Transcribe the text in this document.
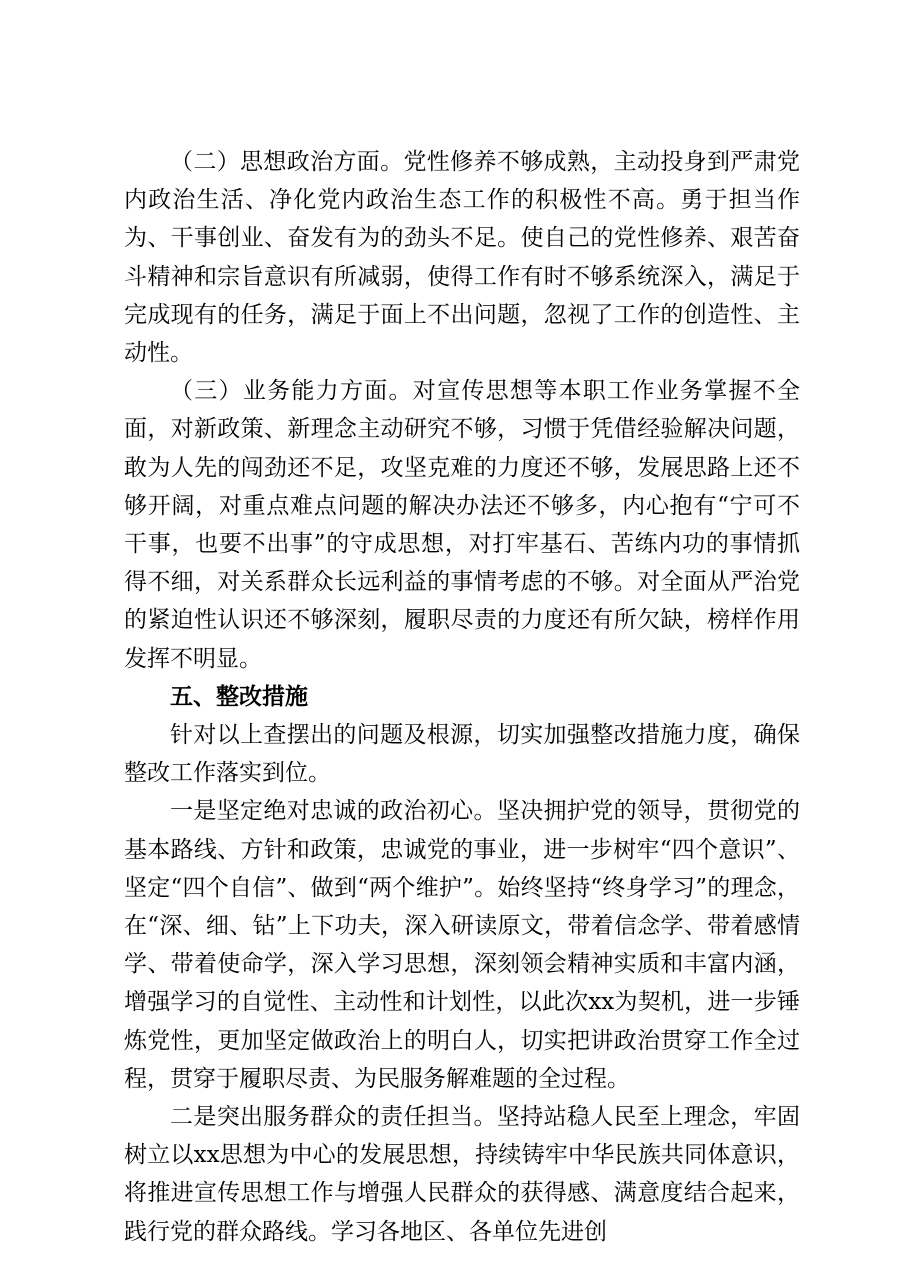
（二）思想政治方面。党性修养不够成熟，主动投身到严肃党内政治生活、净化党内政治生态工作的积极性不高。勇于担当作为、干事创业、奋发有为的劲头不足。使自己的党性修养、艰苦奋斗精神和宗旨意识有所减弱，使得工作有时不够系统深入，满足于完成现有的任务，满足于面上不出问题，忽视了工作的创造性、主动性。

（三）业务能力方面。对宣传思想等本职工作业务掌握不全面，对新政策、新理念主动研究不够，习惯于凭借经验解决问题，敢为人先的闯劲还不足，攻坚克难的力度还不够，发展思路上还不够开阔，对重点难点问题的解决办法还不够多，内心抱有“宁可不干事，也要不出事”的守成思想，对打牢基石、苦练内功的事情抓得不细，对关系群众长远利益的事情考虑的不够。对全面从严治党的紧迫性认识还不够深刻，履职尽责的力度还有所欠缺，榜样作用发挥不明显。

五、整改措施

针对以上查摆出的问题及根源，切实加强整改措施力度，确保整改工作落实到位。

一是坚定绝对忠诚的政治初心。坚决拥护党的领导，贯彻党的基本路线、方针和政策，忠诚党的事业，进一步树牢“四个意识”、坚定“四个自信”、做到“两个维护”。始终坚持“终身学习”的理念，在“深、细、钻”上下功夫，深入研读原文，带着信念学、带着感情学、带着使命学，深入学习思想，深刻领会精神实质和丰富内涵，增强学习的自觉性、主动性和计划性，以此次xx为契机，进一步锤炼党性，更加坚定做政治上的明白人，切实把讲政治贯穿工作全过程，贯穿于履职尽责、为民服务解难题的全过程。

二是突出服务群众的责任担当。坚持站稳人民至上理念，牢固树立以xx思想为中心的发展思想，持续铸牢中华民族共同体意识，将推进宣传思想工作与增强人民群众的获得感、满意度结合起来，践行党的群众路线。学习各地区、各单位先进创
